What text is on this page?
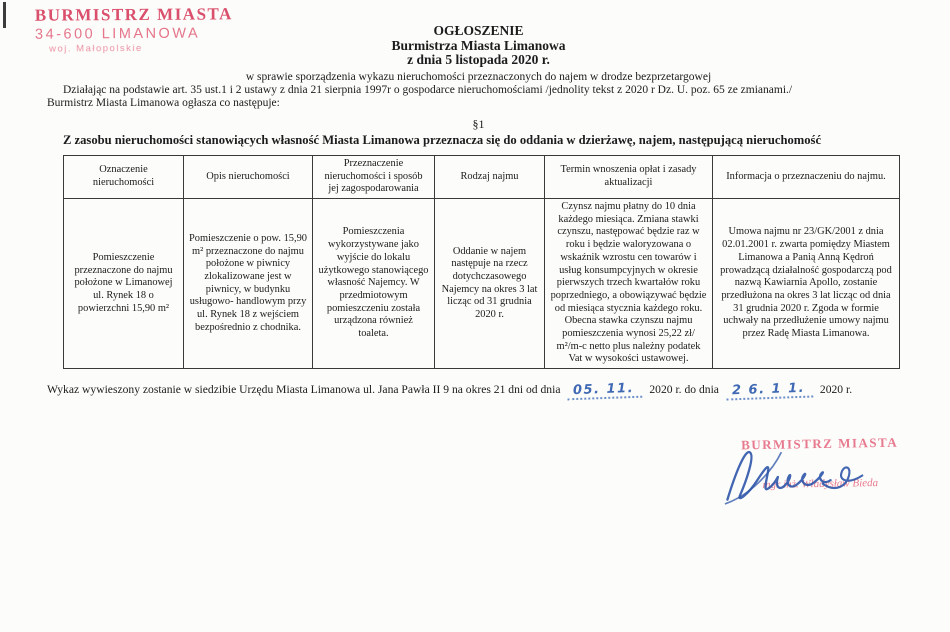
BURMISTRZ MIASTA
34-600 LIMANOWA
woj. Małopolskie
OGŁOSZENIE
Burmistrza Miasta Limanowa
z dnia 5 listopada 2020 r.
w sprawie sporządzenia wykazu nieruchomości przeznaczonych do najem w drodze bezprzetargowej
Działając na podstawie art. 35 ust.1 i 2 ustawy z dnia 21 sierpnia 1997r o gospodarce nieruchomościami /jednolity tekst z 2020 r Dz. U. poz. 65 ze zmianami./
Burmistrz Miasta Limanowa ogłasza co następuje:
§1
Z zasobu nieruchomości stanowiących własność Miasta Limanowa przeznacza się do oddania w dzierżawę, najem, następującą nieruchomość
Oznaczenie nieruchomości	Opis nieruchomości	Przeznaczenie nieruchomości i sposób jej zagospodarowania	Rodzaj najmu	Termin wnoszenia opłat i zasady aktualizacji	Informacja o przeznaczeniu do najmu.
Pomieszczenie przeznaczone do najmu położone w Limanowej ul. Rynek 18 o powierzchni 15,90 m²	Pomieszczenie o pow. 15,90 m² przeznaczone do najmu położone w piwnicy zlokalizowane jest w piwnicy, w budynku usługowo- handlowym przy ul. Rynek 18 z wejściem bezpośrednio z chodnika.	Pomieszczenia wykorzystywane jako wyjście do lokalu użytkowego stanowiącego własność Najemcy. W przedmiotowym pomieszczeniu została urządzona również toaleta.	Oddanie w najem następuje na rzecz dotychczasowego Najemcy na okres 3 lat licząc od 31 grudnia 2020 r.	Czynsz najmu płatny do 10 dnia każdego miesiąca. Zmiana stawki czynszu, następować będzie raz w roku i będzie waloryzowana o wskaźnik wzrostu cen towarów i usług konsumpcyjnych w okresie pierwszych trzech kwartałów roku poprzedniego, a obowiązywać będzie od miesiąca stycznia każdego roku. Obecna stawka czynszu najmu pomieszczenia wynosi 25,22 zł/ m²/m-c netto plus należny podatek Vat w wysokości ustawowej.	Umowa najmu nr 23/GK/2001 z dnia 02.01.2001 r. zwarta pomiędzy Miastem Limanowa a Panią Anną Kędroń prowadzącą działalność gospodarczą pod nazwą Kawiarnia Apollo, zostanie przedłużona na okres 3 lat licząc od dnia 31 grudnia 2020 r. Zgoda w formie uchwały na przedłużenie umowy najmu przez Radę Miasta Limanowa.
Wykaz wywieszony zostanie w siedzibie Urzędu Miasta Limanowa ul. Jana Pawła II 9 na okres 21 dni od dnia 05. 11. 2020 r. do dnia 2 6. 1 1. 2020 r.
BURMISTRZ MIASTA
mgr inż. Władysław Bieda
